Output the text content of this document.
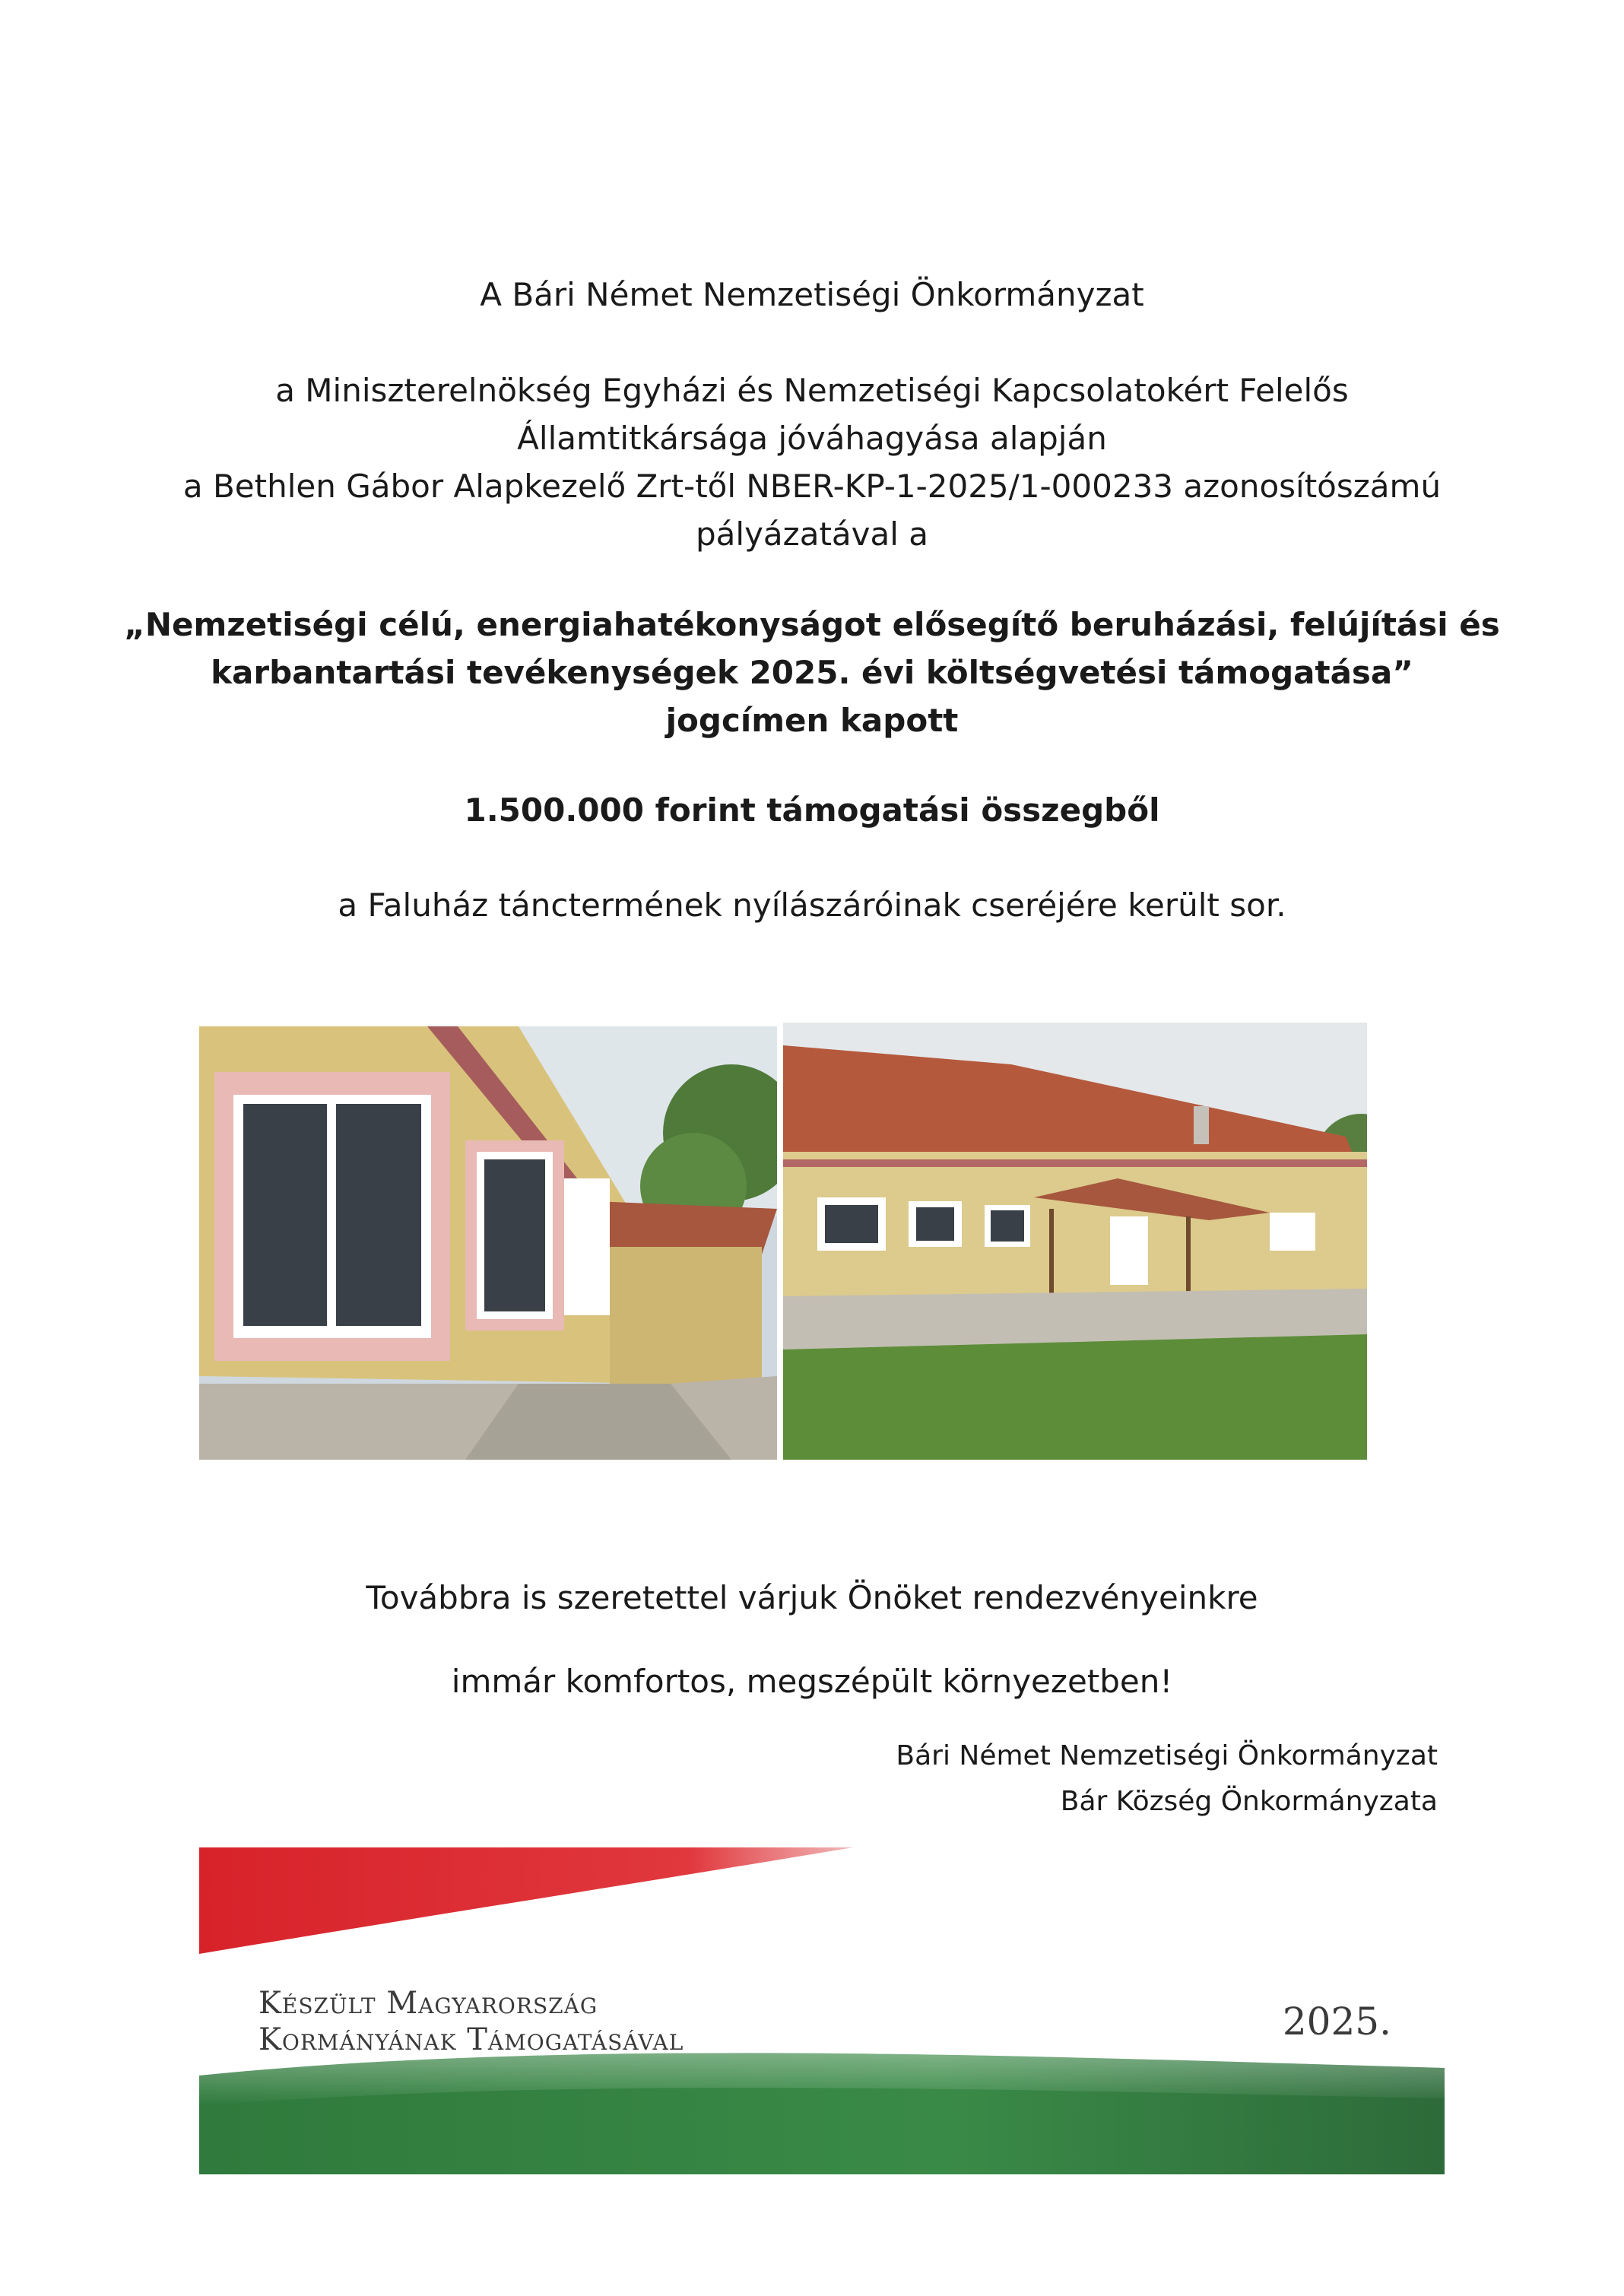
A Bári Német Nemzetiségi Önkormányzat
a Miniszterelnökség Egyházi és Nemzetiségi Kapcsolatokért Felelős
Államtitkársága jóváhagyása alapján
a Bethlen Gábor Alapkezelő Zrt-től NBER-KP-1-2025/1-000233 azonosítószámú
pályázatával a
„Nemzetiségi célú, energiahatékonyságot elősegítő beruházási, felújítási és
karbantartási tevékenységek 2025. évi költségvetési támogatása”
jogcímen kapott
1.500.000 forint támogatási összegből
a Faluház tánctermének nyílászáróinak cseréjére került sor.
Továbbra is szeretettel várjuk Önöket rendezvényeinkre
immár komfortos, megszépült környezetben!
Bári Német Nemzetiségi Önkormányzat
Bár Község Önkormányzata
Készült Magyarország
Kormányának Támogatásával	2025.
